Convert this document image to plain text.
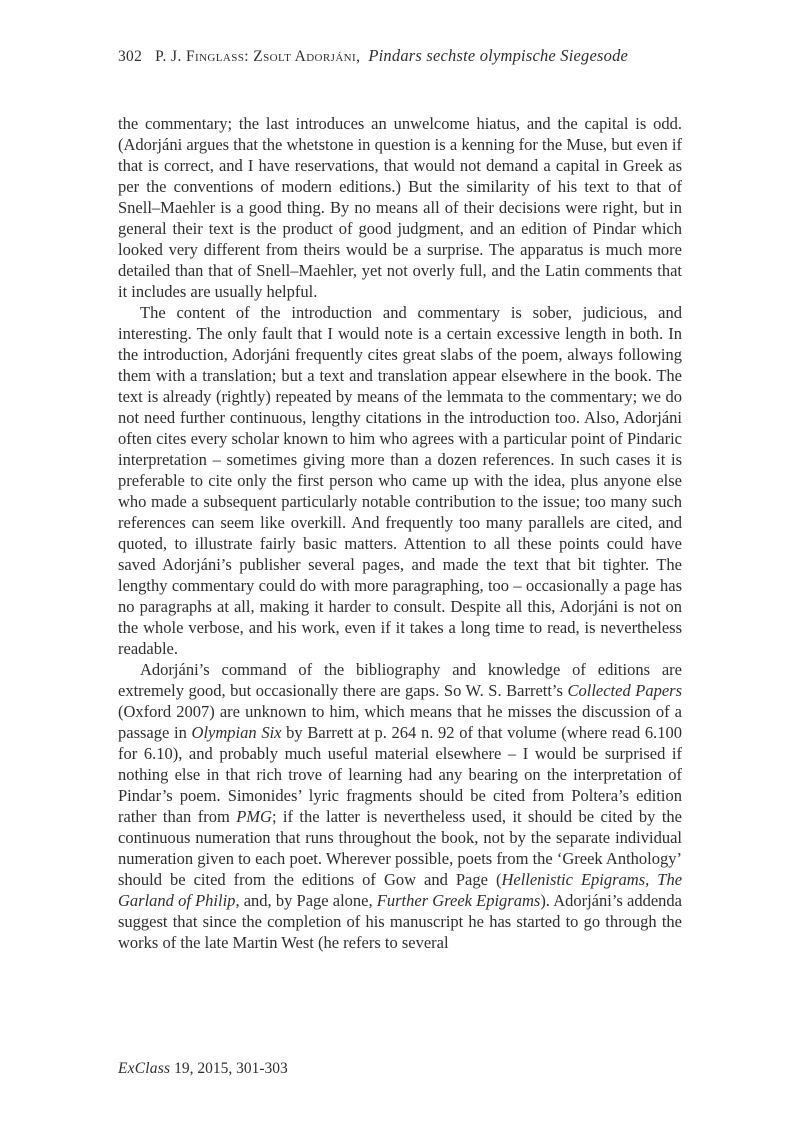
302 P. J. Finglass: Zsolt Adorjáni, Pindars sechste olympische Siegesode

the commentary; the last introduces an unwelcome hiatus, and the capital is odd. (Adorjáni argues that the whetstone in question is a kenning for the Muse, but even if that is correct, and I have reservations, that would not demand a capital in Greek as per the conventions of modern editions.) But the similarity of his text to that of Snell–Maehler is a good thing. By no means all of their decisions were right, but in general their text is the product of good judgment, and an edition of Pindar which looked very different from theirs would be a surprise. The apparatus is much more detailed than that of Snell–Maehler, yet not overly full, and the Latin comments that it includes are usually helpful.

The content of the introduction and commentary is sober, judicious, and interesting. The only fault that I would note is a certain excessive length in both. In the introduction, Adorjáni frequently cites great slabs of the poem, always following them with a translation; but a text and translation appear elsewhere in the book. The text is already (rightly) repeated by means of the lemmata to the commentary; we do not need further continuous, lengthy citations in the introduction too. Also, Adorjáni often cites every scholar known to him who agrees with a particular point of Pindaric interpretation – sometimes giving more than a dozen references. In such cases it is preferable to cite only the first person who came up with the idea, plus anyone else who made a subsequent particularly notable contribution to the issue; too many such references can seem like overkill. And frequently too many parallels are cited, and quoted, to illustrate fairly basic matters. Attention to all these points could have saved Adorjáni’s publisher several pages, and made the text that bit tighter. The lengthy commentary could do with more paragraphing, too – occasionally a page has no paragraphs at all, making it harder to consult. Despite all this, Adorjáni is not on the whole verbose, and his work, even if it takes a long time to read, is nevertheless readable.

Adorjáni’s command of the bibliography and knowledge of editions are extremely good, but occasionally there are gaps. So W. S. Barrett’s Collected Papers (Oxford 2007) are unknown to him, which means that he misses the discussion of a passage in Olympian Six by Barrett at p. 264 n. 92 of that volume (where read 6.100 for 6.10), and probably much useful material elsewhere – I would be surprised if nothing else in that rich trove of learning had any bearing on the interpretation of Pindar’s poem. Simonides’ lyric fragments should be cited from Poltera’s edition rather than from PMG; if the latter is nevertheless used, it should be cited by the continuous numeration that runs throughout the book, not by the separate individual numeration given to each poet. Wherever possible, poets from the ‘Greek Anthology’ should be cited from the editions of Gow and Page (Hellenistic Epigrams, The Garland of Philip, and, by Page alone, Further Greek Epigrams). Adorjáni’s addenda suggest that since the completion of his manuscript he has started to go through the works of the late Martin West (he refers to several

ExClass 19, 2015, 301-303
